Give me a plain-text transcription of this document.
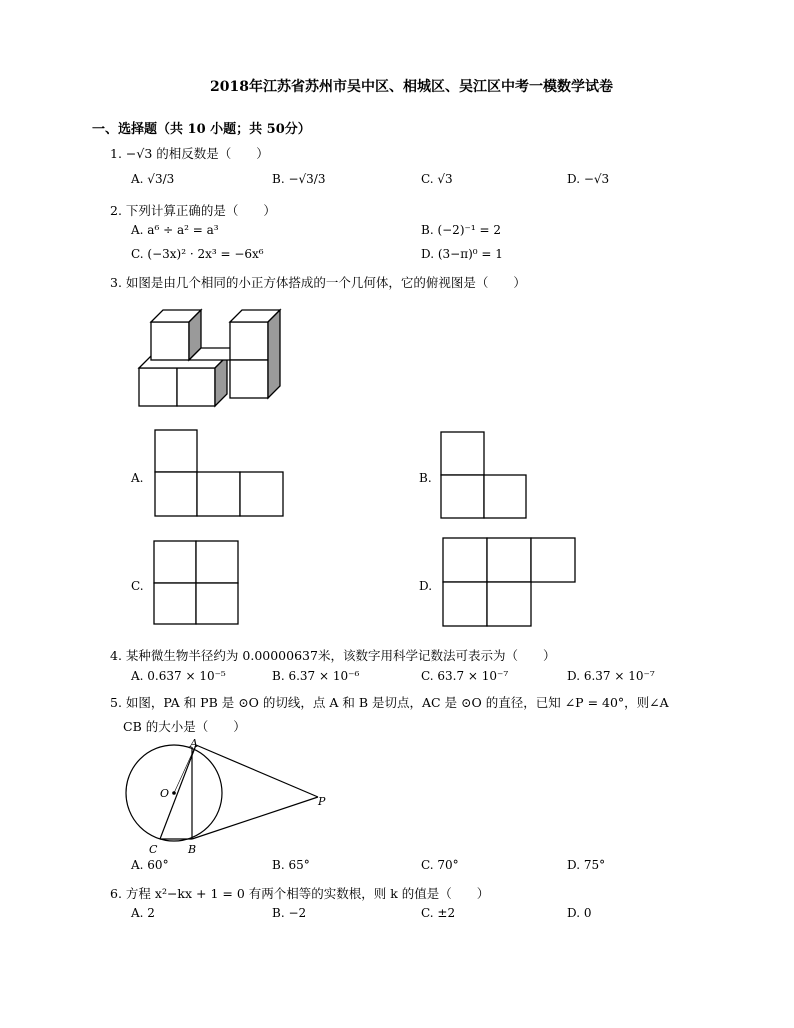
2018年江苏省苏州市吴中区、相城区、吴江区中考一模数学试卷
一、选择题（共 10 小题；共 50分）
1. −√3 的相反数是（　　）
A. √3/3	B. −√3/3	C. √3	D. −√3
2. 下列计算正确的是（　　）
A. a⁶ ÷ a² = a³	B. (−2)⁻¹ = 2
C. (−3x)² · 2x³ = −6x⁶	D. (3−π)⁰ = 1
3. 如图是由几个相同的小正方体搭成的一个几何体，它的俯视图是（　　）
A.	B.
C.	D.
4. 某种微生物半径约为 0.00000637米，该数字用科学记数法可表示为（　　）
A. 0.637 × 10⁻⁵	B. 6.37 × 10⁻⁶	C. 63.7 × 10⁻⁷	D. 6.37 × 10⁻⁷
5. 如图，PA 和 PB 是 ⊙O 的切线，点 A 和 B 是切点，AC 是 ⊙O 的直径，已知 ∠P = 40°，则∠A
CB 的大小是（　　）
A
O
P
C	B
A. 60°	B. 65°	C. 70°	D. 75°
6. 方程 x²−kx + 1 = 0 有两个相等的实数根，则 k 的值是（　　）
A. 2	B. −2	C. ±2	D. 0
